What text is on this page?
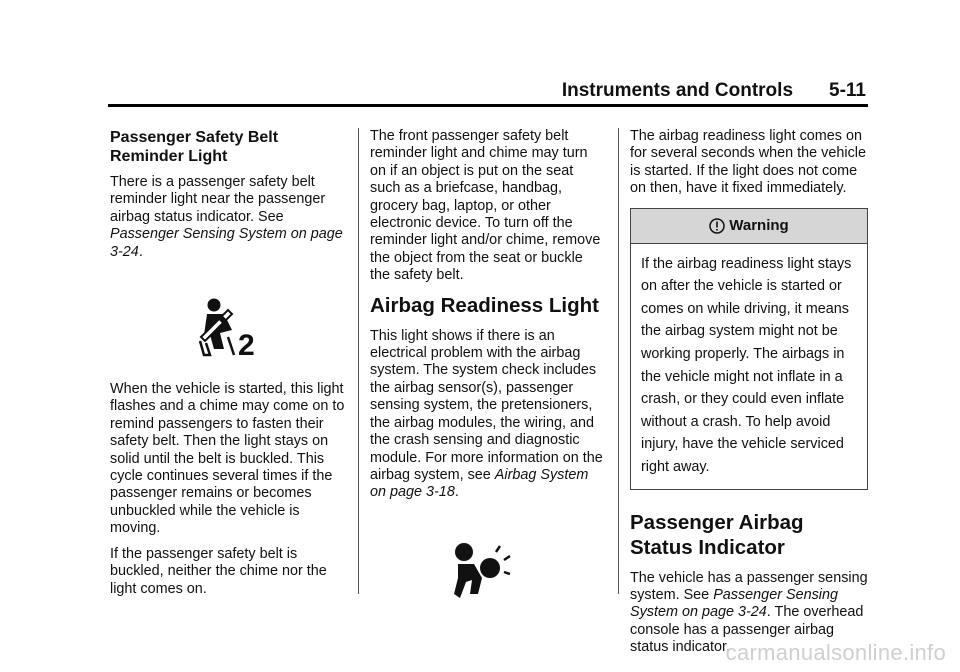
Instruments and Controls 5-11
Passenger Safety Belt Reminder Light

There is a passenger safety belt reminder light near the passenger airbag status indicator. See Passenger Sensing System on page 3-24.

2

When the vehicle is started, this light flashes and a chime may come on to remind passengers to fasten their safety belt. Then the light stays on solid until the belt is buckled. This cycle continues several times if the passenger remains or becomes unbuckled while the vehicle is moving.

If the passenger safety belt is buckled, neither the chime nor the light comes on.

The front passenger safety belt reminder light and chime may turn on if an object is put on the seat such as a briefcase, handbag, grocery bag, laptop, or other electronic device. To turn off the reminder light and/or chime, remove the object from the seat or buckle the safety belt.

Airbag Readiness Light

This light shows if there is an electrical problem with the airbag system. The system check includes the airbag sensor(s), passenger sensing system, the pretensioners, the airbag modules, the wiring, and the crash sensing and diagnostic module. For more information on the airbag system, see Airbag System on page 3-18.

The airbag readiness light comes on for several seconds when the vehicle is started. If the light does not come on then, have it fixed immediately.

Warning
If the airbag readiness light stays on after the vehicle is started or comes on while driving, it means the airbag system might not be working properly. The airbags in the vehicle might not inflate in a crash, or they could even inflate without a crash. To help avoid injury, have the vehicle serviced right away.
Passenger Airbag Status Indicator

The vehicle has a passenger sensing system. See Passenger Sensing System on page 3-24. The overhead console has a passenger airbag status indicator.

carmanualsonline.info
